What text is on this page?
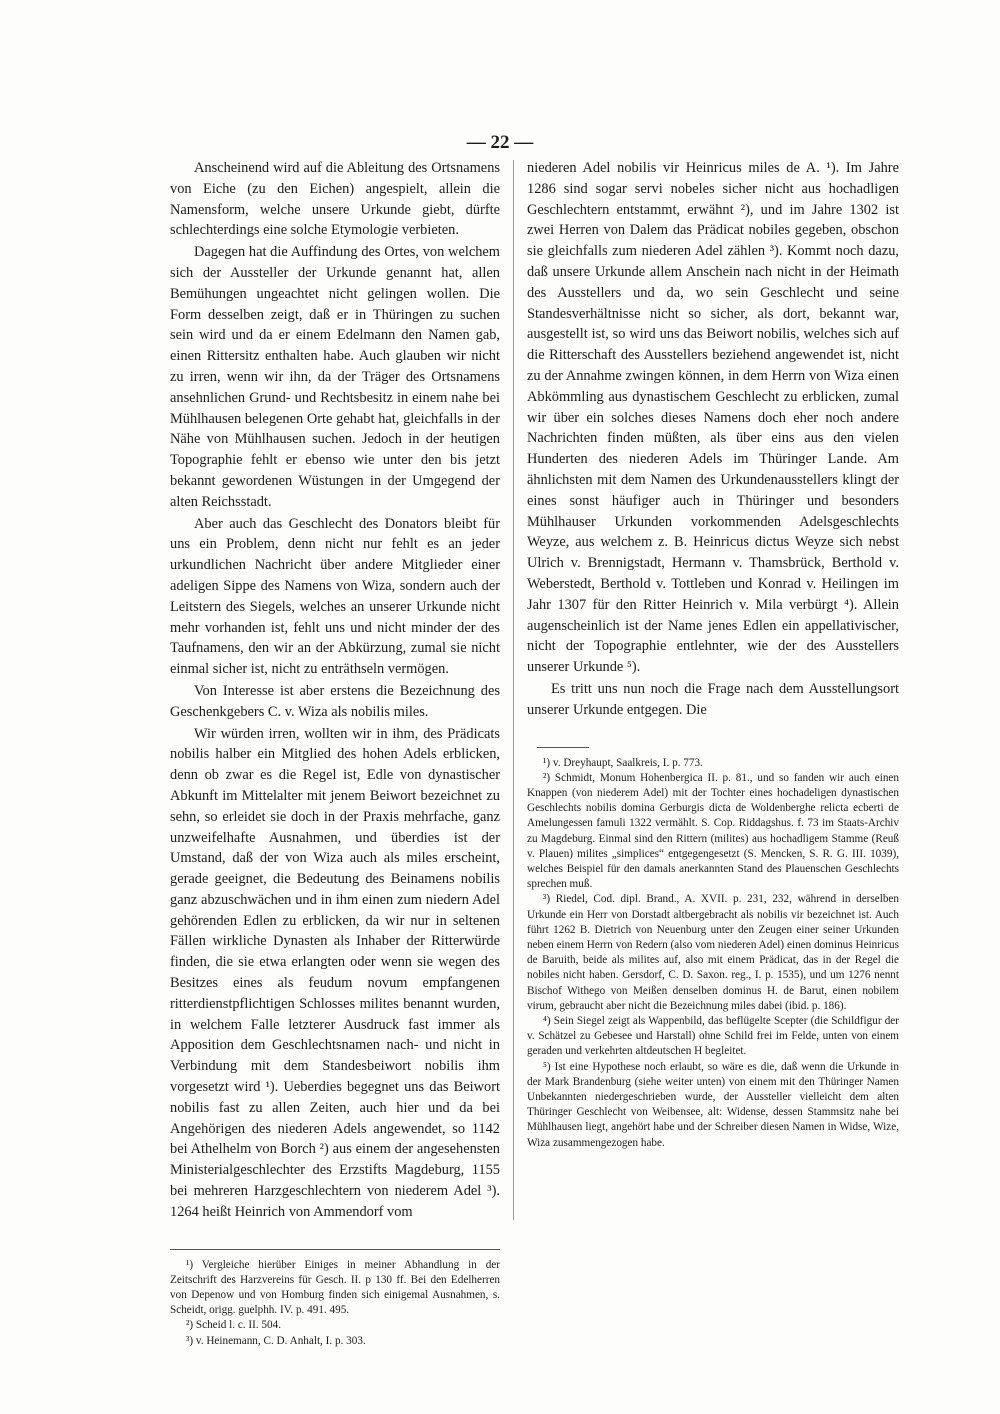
— 22 —

Anscheinend wird auf die Ableitung des Ortsnamens von Eiche (zu den Eichen) angespielt, allein die Namensform, welche unsere Urkunde giebt, dürfte schlechterdings eine solche Etymologie verbieten.

Dagegen hat die Auffindung des Ortes, von welchem sich der Aussteller der Urkunde genannt hat, allen Bemühungen ungeachtet nicht gelingen wollen. Die Form desselben zeigt, daß er in Thüringen zu suchen sein wird und da er einem Edelmann den Namen gab, einen Rittersitz enthalten habe. Auch glauben wir nicht zu irren, wenn wir ihn, da der Träger des Ortsnamens ansehnlichen Grund- und Rechtsbesitz in einem nahe bei Mühlhausen belegenen Orte gehabt hat, gleichfalls in der Nähe von Mühlhausen suchen. Jedoch in der heutigen Topographie fehlt er ebenso wie unter den bis jetzt bekannt gewordenen Wüstungen in der Umgegend der alten Reichsstadt.

Aber auch das Geschlecht des Donators bleibt für uns ein Problem, denn nicht nur fehlt es an jeder urkundlichen Nachricht über andere Mitglieder einer adeligen Sippe des Namens von Wiza, sondern auch der Leitstern des Siegels, welches an unserer Urkunde nicht mehr vorhanden ist, fehlt uns und nicht minder der des Taufnamens, den wir an der Abkürzung, zumal sie nicht einmal sicher ist, nicht zu enträthseln vermögen.

Von Interesse ist aber erstens die Bezeichnung des Geschenkgebers C. v. Wiza als nobilis miles.

Wir würden irren, wollten wir in ihm, des Prädicats nobilis halber ein Mitglied des hohen Adels erblicken, denn ob zwar es die Regel ist, Edle von dynastischer Abkunft im Mittelalter mit jenem Beiwort bezeichnet zu sehn, so erleidet sie doch in der Praxis mehrfache, ganz unzweifelhafte Ausnahmen, und überdies ist der Umstand, daß der von Wiza auch als miles erscheint, gerade geeignet, die Bedeutung des Beinamens nobilis ganz abzuschwächen und in ihm einen zum niedern Adel gehörenden Edlen zu erblicken, da wir nur in seltenen Fällen wirkliche Dynasten als Inhaber der Ritterwürde finden, die sie etwa erlangten oder wenn sie wegen des Besitzes eines als feudum novum empfangenen ritterdienstpflichtigen Schlosses milites benannt wurden, in welchem Falle letzterer Ausdruck fast immer als Apposition dem Geschlechtsnamen nach- und nicht in Verbindung mit dem Standesbeiwort nobilis ihm vorgesetzt wird ¹). Ueberdies begegnet uns das Beiwort nobilis fast zu allen Zeiten, auch hier und da bei Angehörigen des niederen Adels angewendet, so 1142 bei Athelhelm von Borch ²) aus einem der angesehensten Ministerialgeschlechter des Erzstifts Magdeburg, 1155 bei mehreren Harzgeschlechtern von niederem Adel ³). 1264 heißt Heinrich von Ammendorf vom

¹) Vergleiche hierüber Einiges in meiner Abhandlung in der Zeitschrift des Harzvereins für Gesch. II. p 130 ff. Bei den Edelherren von Depenow und von Homburg finden sich einigemal Ausnahmen, s. Scheidt, origg. guelphh. IV. p. 491. 495.

²) Scheid l. c. II. 504.

³) v. Heinemann, C. D. Anhalt, I. p. 303.

niederen Adel nobilis vir Heinricus miles de A. ¹). Im Jahre 1286 sind sogar servi nobeles sicher nicht aus hochadligen Geschlechtern entstammt, erwähnt ²), und im Jahre 1302 ist zwei Herren von Dalem das Prädicat nobiles gegeben, obschon sie gleichfalls zum niederen Adel zählen ³). Kommt noch dazu, daß unsere Urkunde allem Anschein nach nicht in der Heimath des Ausstellers und da, wo sein Geschlecht und seine Standesverhältnisse nicht so sicher, als dort, bekannt war, ausgestellt ist, so wird uns das Beiwort nobilis, welches sich auf die Ritterschaft des Ausstellers beziehend angewendet ist, nicht zu der Annahme zwingen können, in dem Herrn von Wiza einen Abkömmling aus dynastischem Geschlecht zu erblicken, zumal wir über ein solches dieses Namens doch eher noch andere Nachrichten finden müßten, als über eins aus den vielen Hunderten des niederen Adels im Thüringer Lande. Am ähnlichsten mit dem Namen des Urkundenausstellers klingt der eines sonst häufiger auch in Thüringer und besonders Mühlhauser Urkunden vorkommenden Adelsgeschlechts Weyze, aus welchem z. B. Heinricus dictus Weyze sich nebst Ulrich v. Brennigstadt, Hermann v. Thamsbrück, Berthold v. Weberstedt, Berthold v. Tottleben und Konrad v. Heilingen im Jahr 1307 für den Ritter Heinrich v. Mila verbürgt ⁴). Allein augenscheinlich ist der Name jenes Edlen ein appellativischer, nicht der Topographie entlehnter, wie der des Ausstellers unserer Urkunde ⁵).

Es tritt uns nun noch die Frage nach dem Ausstellungsort unserer Urkunde entgegen. Die

¹) v. Dreyhaupt, Saalkreis, I. p. 773.

²) Schmidt, Monum Hohenbergica II. p. 81., und so fanden wir auch einen Knappen (von niederem Adel) mit der Tochter eines hochadeligen dynastischen Geschlechts nobilis domina Gerburgis dicta de Woldenberghe relicta ecberti de Amelungessen famuli 1322 vermählt. S. Cop. Riddagshus. f. 73 im Staats-Archiv zu Magdeburg. Einmal sind den Rittern (milites) aus hochadligem Stamme (Reuß v. Plauen) milites „simplices“ entgegengesetzt (S. Mencken, S. R. G. III. 1039), welches Beispiel für den damals anerkannten Stand des Plauenschen Geschlechts sprechen muß.

³) Riedel, Cod. dipl. Brand., A. XVII. p. 231, 232, während in derselben Urkunde ein Herr von Dorstadt altbergebracht als nobilis vir bezeichnet ist. Auch führt 1262 B. Dietrich von Neuenburg unter den Zeugen einer seiner Urkunden neben einem Herrn von Redern (also vom niederen Adel) einen dominus Heinricus de Baruith, beide als milites auf, also mit einem Prädicat, das in der Regel die nobiles nicht haben. Gersdorf, C. D. Saxon. reg., I. p. 1535), und um 1276 nennt Bischof Withego von Meißen denselben dominus H. de Barut, einen nobilem virum, gebraucht aber nicht die Bezeichnung miles dabei (ibid. p. 186).

⁴) Sein Siegel zeigt als Wappenbild, das beflügelte Scepter (die Schildfigur der v. Schätzel zu Gebesee und Harstall) ohne Schild frei im Felde, unten von einem geraden und verkehrten altdeutschen H begleitet.

⁵) Ist eine Hypothese noch erlaubt, so wäre es die, daß wenn die Urkunde in der Mark Brandenburg (siehe weiter unten) von einem mit den Thüringer Namen Unbekannten niedergeschrieben wurde, der Aussteller vielleicht dem alten Thüringer Geschlecht von Weibensee, alt: Widense, dessen Stammsitz nahe bei Mühlhausen liegt, angehört habe und der Schreiber diesen Namen in Widse, Wize, Wiza zusammengezogen habe.
